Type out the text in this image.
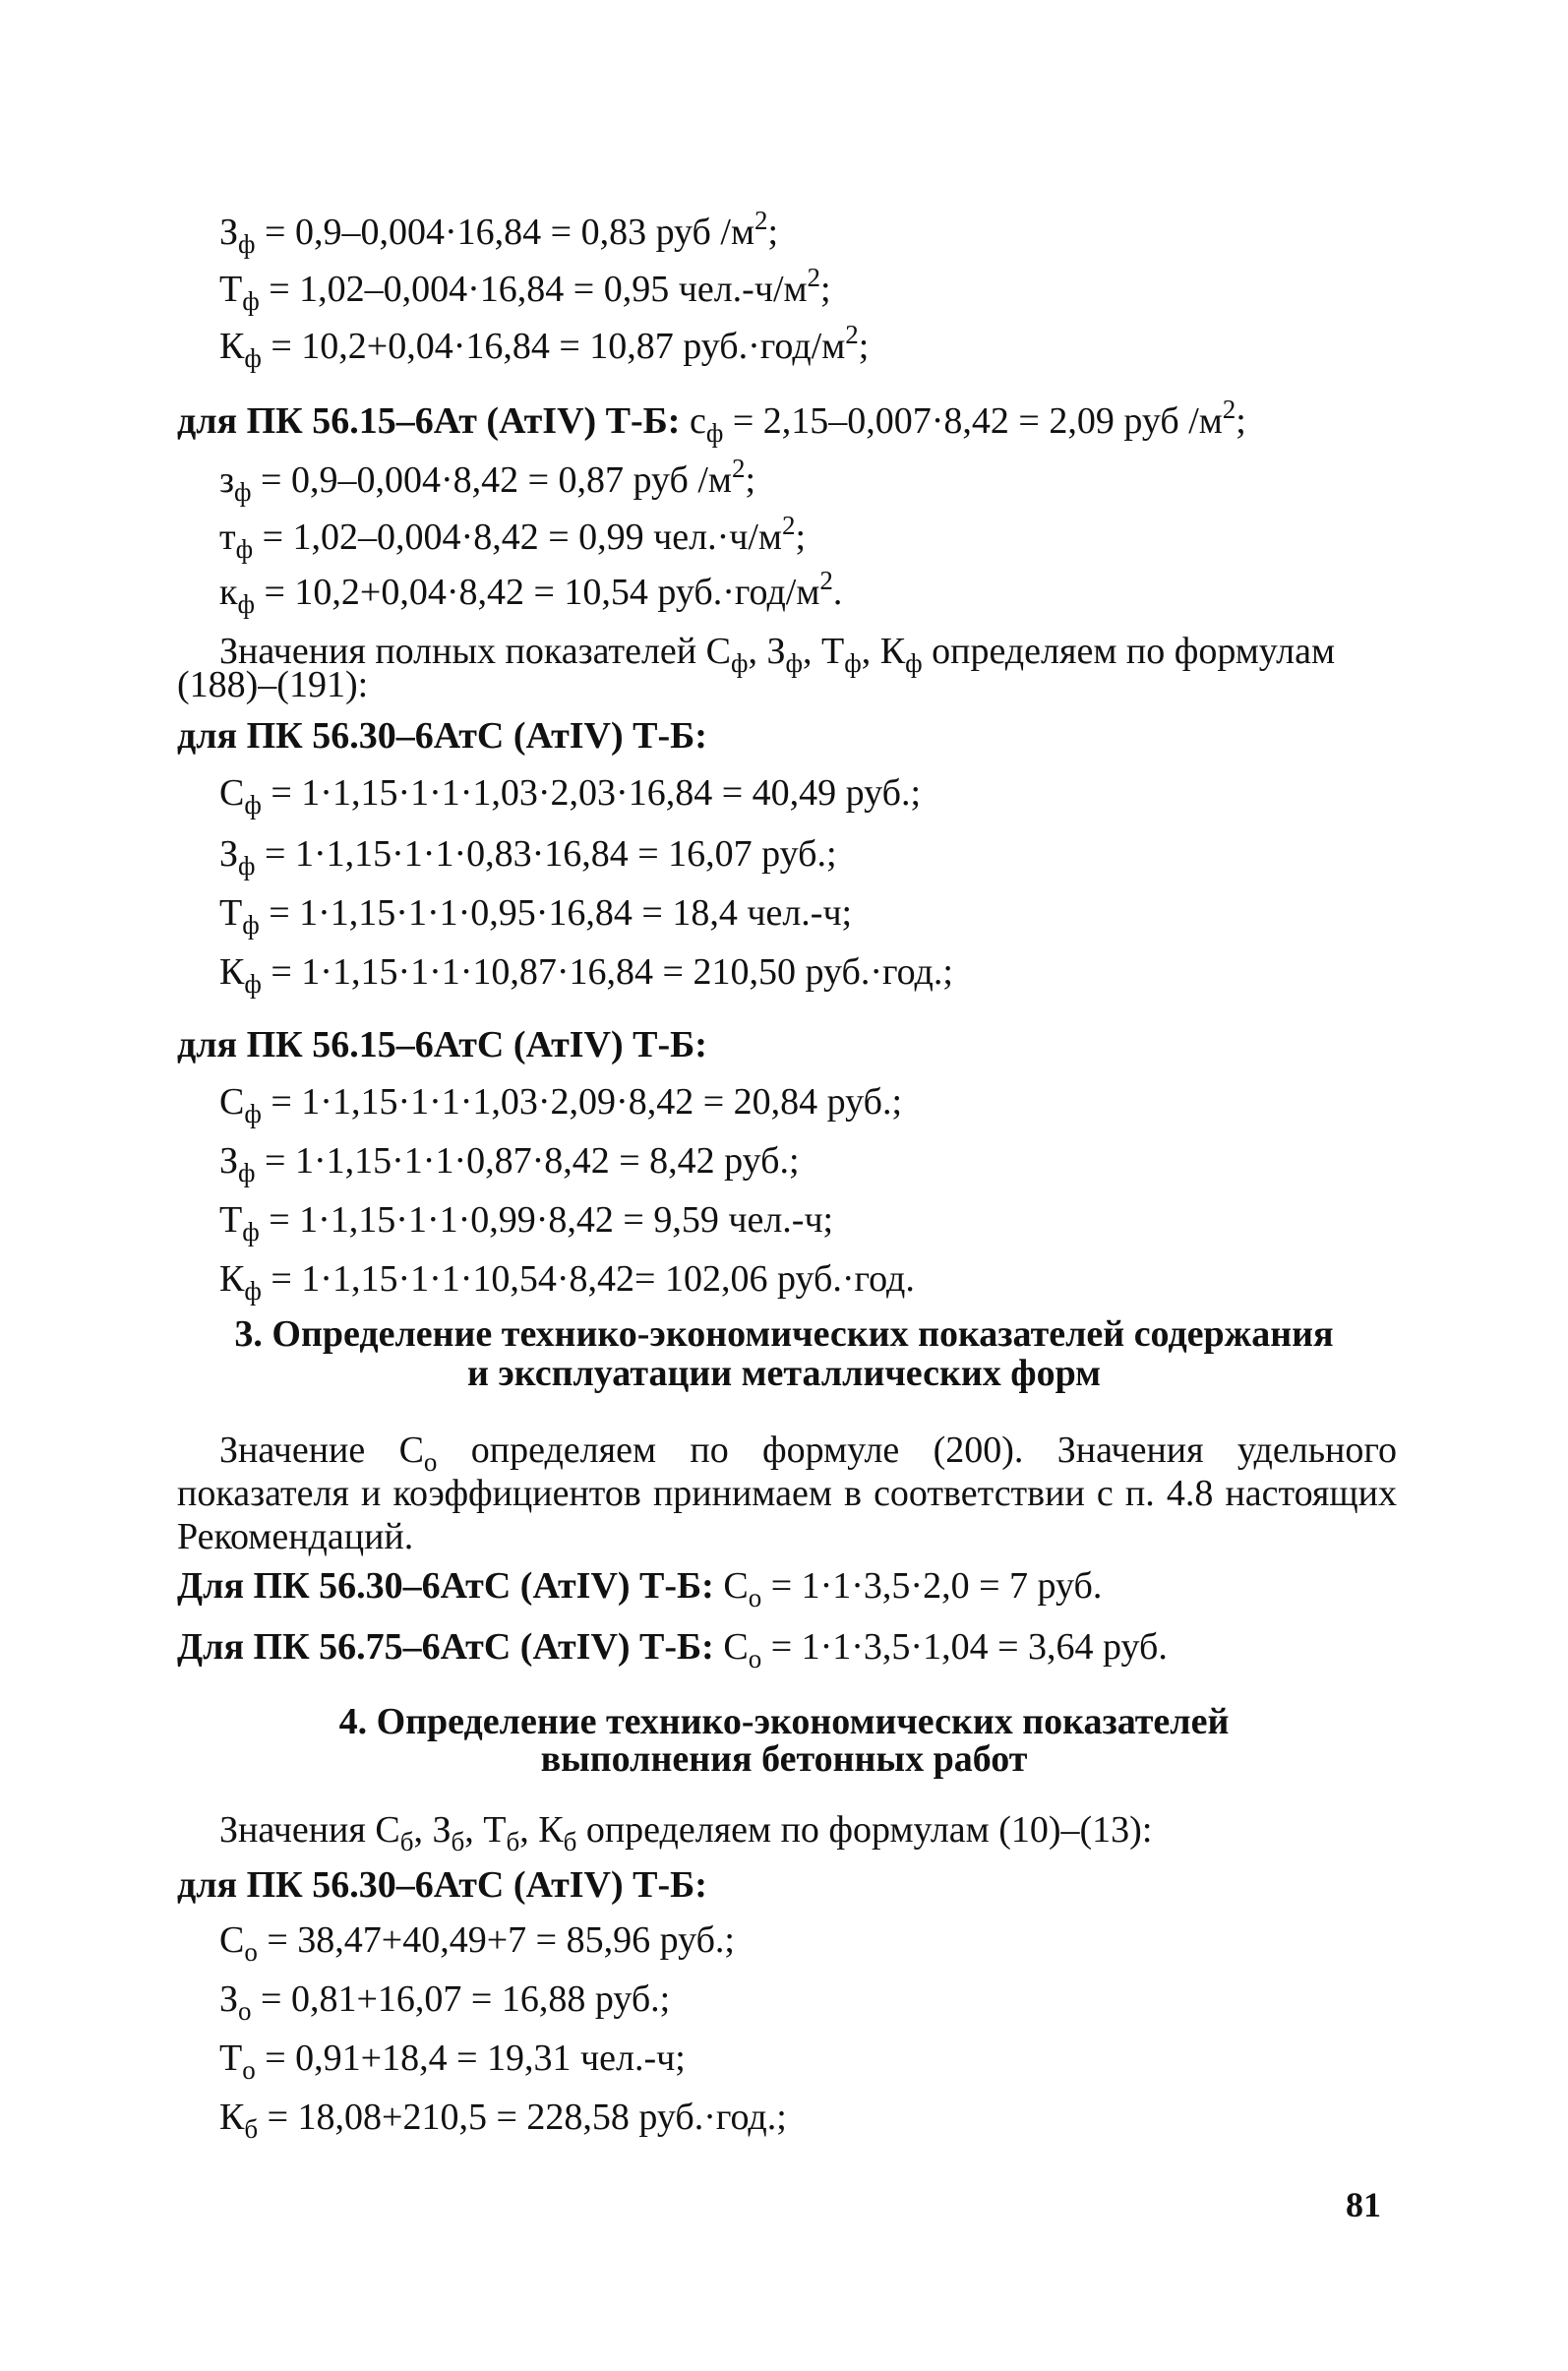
$З_ф = 0,9-0,004\cdot 16,84 = 0,83$ руб $/м^2$;
$Т_ф = 1,02-0,004\cdot 16,84 = 0,95$ $чел.-ч/м^2$;
$К_ф = 10,2+0,04\cdot 16,84 = 10,87$ $руб.\cdot год/м^2$;
для ПК 56.15–6Ат (АтIV) Т-Б: $с_ф = 2,15-0,007\cdot 8,42 = 2,09$ руб $/м^2$;
$з_ф = 0,9-0,004\cdot 8,42 = 0,87$ руб $/м^2$;
$т_ф = 1,02-0,004\cdot 8,42 = 0,99$ $чел.\cdot ч/м^2$;
$к_ф = 10,2+0,04\cdot 8,42 = 10,54$ $руб.\cdot год/м^2$.
Значения полных показателей $C_ф$, $З_ф$, $Т_ф$, $К_ф$ определяем по формулам
(188)–(191):
для ПК 56.30–6АтС (АтIV) Т-Б:
$С_ф = 1\cdot 1,15\cdot 1\cdot 1\cdot 1,03\cdot 2,03\cdot 16,84 = 40,49$ руб.;
$З_ф = 1\cdot 1,15\cdot 1\cdot 1\cdot 0,83\cdot 16,84 = 16,07$ руб.;
$Т_ф = 1\cdot 1,15\cdot 1\cdot 1\cdot 0,95\cdot 16,84 = 18,4$ чел.-ч;
$К_ф = 1\cdot 1,15\cdot 1\cdot 1\cdot 10,87\cdot 16,84 = 210,50$ руб.·год.;
для ПК 56.15–6АтС (АтIV) Т-Б:
$С_ф = 1\cdot 1,15\cdot 1\cdot 1\cdot 1,03\cdot 2,09\cdot 8,42 = 20,84$ руб.;
$З_ф = 1\cdot 1,15\cdot 1\cdot 1\cdot 0,87\cdot 8,42 = 8,42$ руб.;
$Т_ф = 1\cdot 1,15\cdot 1\cdot 1\cdot 0,99\cdot 8,42 = 9,59$ чел.-ч;
$К_ф = 1\cdot 1,15\cdot 1\cdot 1\cdot 10,54\cdot 8,42= 102,06$ руб.·год.
3. Определение технико-экономических показателей содержания
и эксплуатации металлических форм
Значение $C_о$ определяем по формуле (200). Значения удельного показателя и коэффициентов принимаем в соответствии с п. 4.8 настоящих Рекомендаций.
Для ПК 56.30–6АтС (АтIV) Т-Б: $С_о = 1\cdot 1\cdot 3,5\cdot 2,0 = 7$ руб.
Для ПК 56.75–6АтС (АтIV) Т-Б: $С_о = 1\cdot 1\cdot 3,5\cdot 1,04 = 3,64$ руб.
4. Определение технико-экономических показателей
выполнения бетонных работ
Значения $C_б$, $З_б$, $Т_б$, $К_б$ определяем по формулам (10)–(13):
для ПК 56.30–6АтС (АтIV) Т-Б:
$С_о = 38,47+40,49+7 = 85,96$ руб.;
$З_о = 0,81+16,07 = 16,88$ руб.;
$Т_о = 0,91+18,4 = 19,31$ чел.-ч;
$К_б = 18,08+210,5 = 228,58$ руб.·год.;
81
